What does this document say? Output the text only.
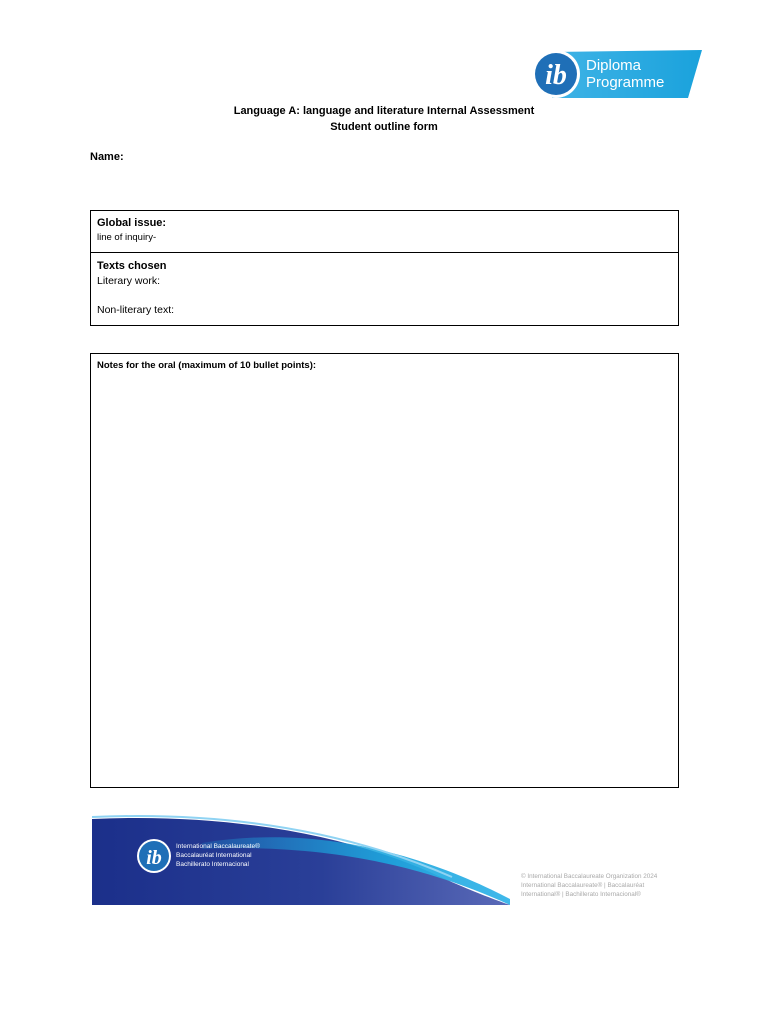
ib Diploma
Programme
Language A: language and literature Internal Assessment
Student outline form
Name:
Global issue:
line of inquiry-
Texts chosen
Literary work:
Non-literary text:
Notes for the oral (maximum of 10 bullet points):
ib
International Baccalaureate®
Baccalauréat International
Bachillerato Internacional
© International Baccalaureate Organization 2024
International Baccalaureate® | Baccalauréat
International® | Bachillerato Internacional®
